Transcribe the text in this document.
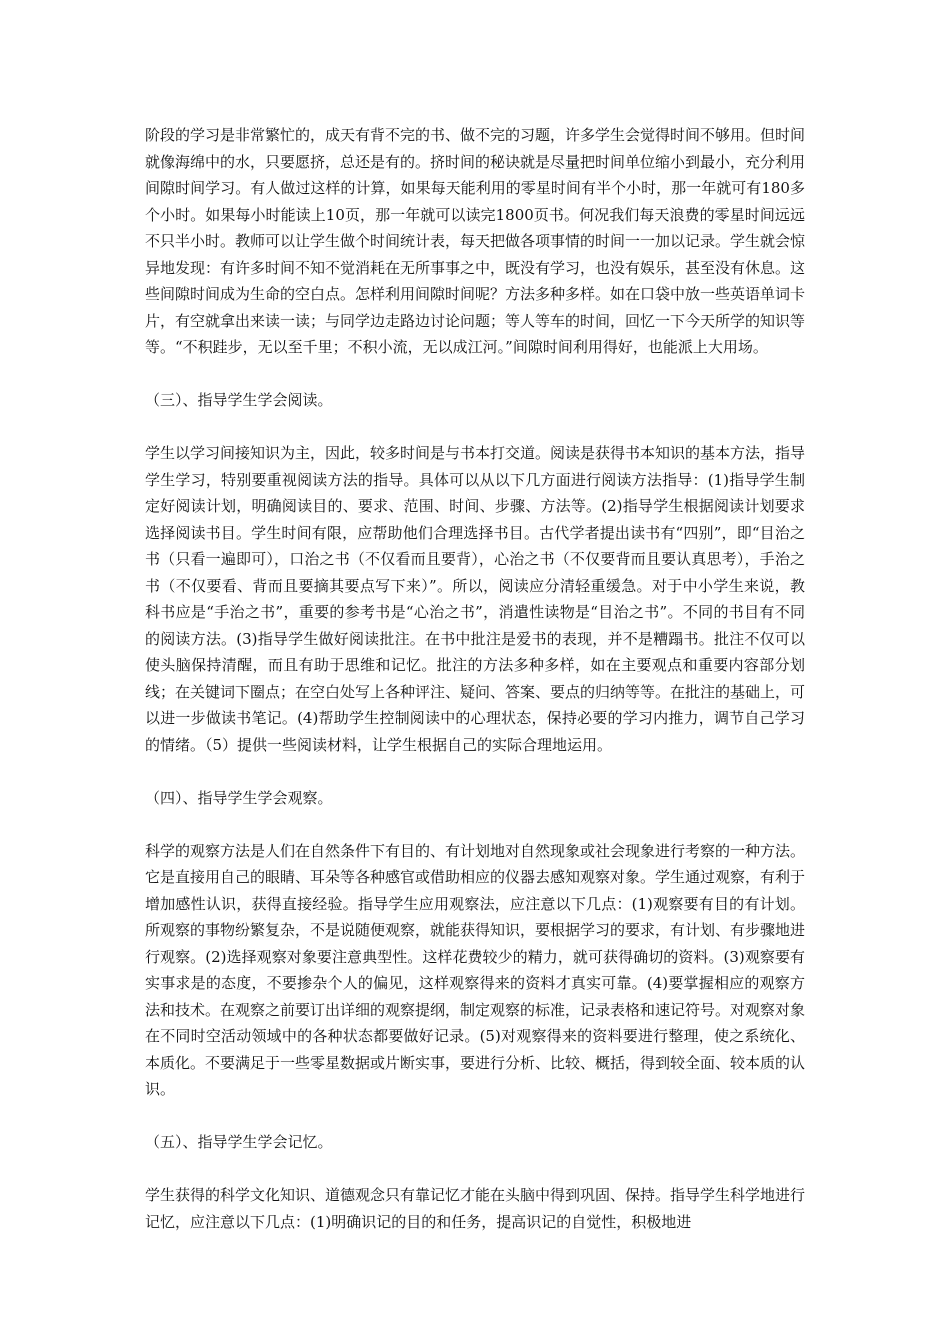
阶段的学习是非常繁忙的，成天有背不完的书、做不完的习题，许多学生会觉得时间不够用。但时间就像海绵中的水，只要愿挤，总还是有的。挤时间的秘诀就是尽量把时间单位缩小到最小，充分利用间隙时间学习。有人做过这样的计算，如果每天能利用的零星时间有半个小时，那一年就可有180多个小时。如果每小时能读上10页，那一年就可以读完1800页书。何况我们每天浪费的零星时间远远不只半小时。教师可以让学生做个时间统计表，每天把做各项事情的时间一一加以记录。学生就会惊异地发现：有许多时间不知不觉消耗在无所事事之中，既没有学习，也没有娱乐，甚至没有休息。这些间隙时间成为生命的空白点。怎样利用间隙时间呢？方法多种多样。如在口袋中放一些英语单词卡片，有空就拿出来读一读；与同学边走路边讨论问题；等人等车的时间，回忆一下今天所学的知识等等。“不积跬步，无以至千里；不积小流，无以成江河。”间隙时间利用得好，也能派上大用场。

（三）、指导学生学会阅读。

学生以学习间接知识为主，因此，较多时间是与书本打交道。阅读是获得书本知识的基本方法，指导学生学习，特别要重视阅读方法的指导。具体可以从以下几方面进行阅读方法指导：(1)指导学生制定好阅读计划，明确阅读目的、要求、范围、时间、步骤、方法等。(2)指导学生根据阅读计划要求选择阅读书目。学生时间有限，应帮助他们合理选择书目。古代学者提出读书有“四别”，即“目治之书（只看一遍即可），口治之书（不仅看而且要背），心治之书（不仅要背而且要认真思考），手治之书（不仅要看、背而且要摘其要点写下来）”。所以，阅读应分清轻重缓急。对于中小学生来说，教科书应是“手治之书”，重要的参考书是“心治之书”，消遣性读物是“目治之书”。不同的书目有不同的阅读方法。(3)指导学生做好阅读批注。在书中批注是爱书的表现，并不是糟蹋书。批注不仅可以使头脑保持清醒，而且有助于思维和记忆。批注的方法多种多样，如在主要观点和重要内容部分划线；在关键词下圈点；在空白处写上各种评注、疑问、答案、要点的归纳等等。在批注的基础上，可以进一步做读书笔记。(4)帮助学生控制阅读中的心理状态，保持必要的学习内推力，调节自己学习的情绪。（5）提供一些阅读材料，让学生根据自己的实际合理地运用。

（四）、指导学生学会观察。

科学的观察方法是人们在自然条件下有目的、有计划地对自然现象或社会现象进行考察的一种方法。它是直接用自己的眼睛、耳朵等各种感官或借助相应的仪器去感知观察对象。学生通过观察，有利于增加感性认识，获得直接经验。指导学生应用观察法，应注意以下几点：(1)观察要有目的有计划。所观察的事物纷繁复杂，不是说随便观察，就能获得知识，要根据学习的要求，有计划、有步骤地进行观察。(2)选择观察对象要注意典型性。这样花费较少的精力，就可获得确切的资料。(3)观察要有实事求是的态度，不要掺杂个人的偏见，这样观察得来的资料才真实可靠。(4)要掌握相应的观察方法和技术。在观察之前要订出详细的观察提纲，制定观察的标准，记录表格和速记符号。对观察对象在不同时空活动领域中的各种状态都要做好记录。(5)对观察得来的资料要进行整理，使之系统化、本质化。不要满足于一些零星数据或片断实事，要进行分析、比较、概括，得到较全面、较本质的认识。

（五）、指导学生学会记忆。

学生获得的科学文化知识、道德观念只有靠记忆才能在头脑中得到巩固、保持。指导学生科学地进行记忆，应注意以下几点：(1)明确识记的目的和任务，提高识记的自觉性，积极地进
